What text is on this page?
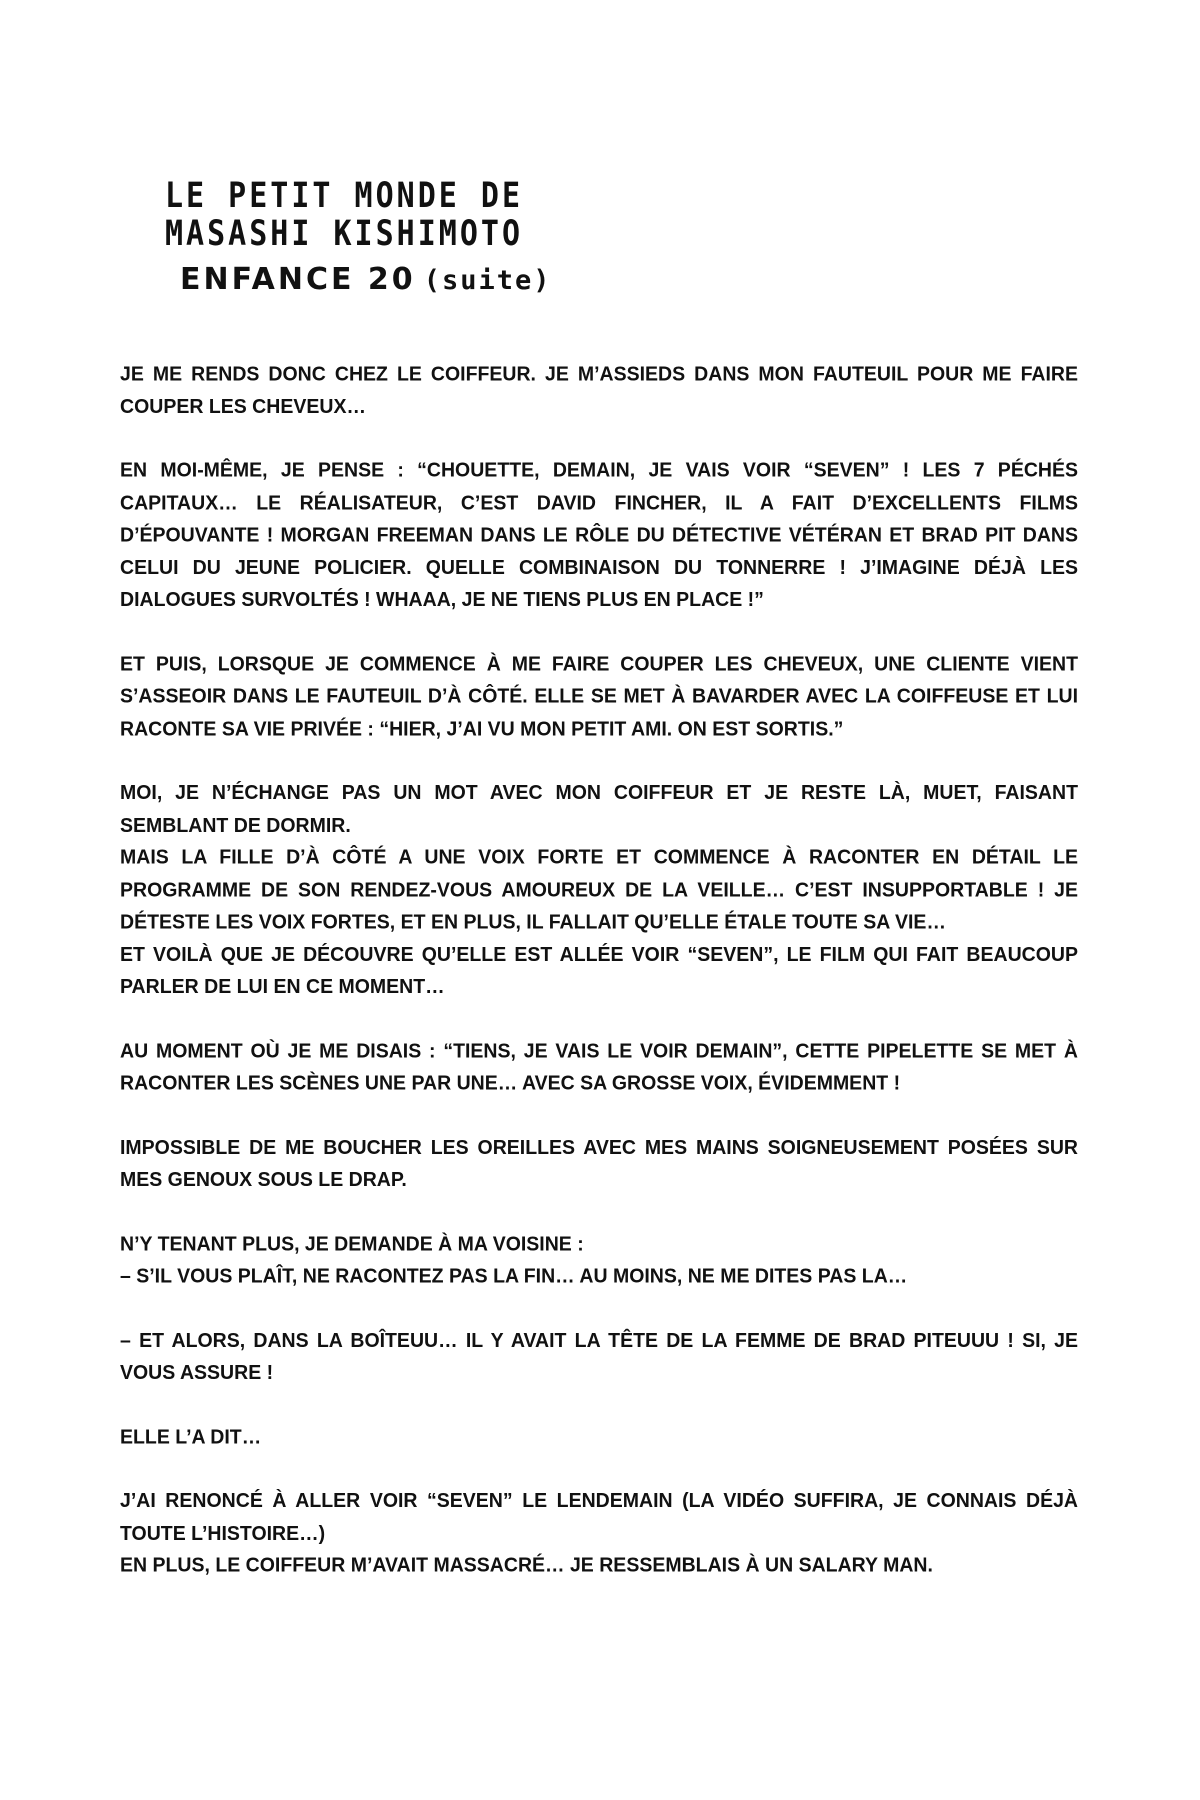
LE PETIT MONDE DE
MASASHI KISHIMOTO
ENFANCE 20 (suite)

JE ME RENDS DONC CHEZ LE COIFFEUR. JE M’ASSIEDS DANS MON FAUTEUIL POUR ME FAIRE COUPER LES CHEVEUX…

EN MOI-MÊME, JE PENSE : “CHOUETTE, DEMAIN, JE VAIS VOIR “SEVEN” ! LES 7 PÉCHÉS CAPITAUX… LE RÉALISATEUR, C’EST DAVID FINCHER, IL A FAIT D’EXCELLENTS FILMS D’ÉPOUVANTE ! MORGAN FREEMAN DANS LE RÔLE DU DÉTECTIVE VÉTÉRAN ET BRAD PIT DANS CELUI DU JEUNE POLICIER. QUELLE COMBINAISON DU TONNERRE ! J’IMAGINE DÉJÀ LES DIALOGUES SURVOLTÉS ! WHAAA, JE NE TIENS PLUS EN PLACE !”

ET PUIS, LORSQUE JE COMMENCE À ME FAIRE COUPER LES CHEVEUX, UNE CLIENTE VIENT S’ASSEOIR DANS LE FAUTEUIL D’À CÔTÉ. ELLE SE MET À BAVARDER AVEC LA COIFFEUSE ET LUI RACONTE SA VIE PRIVÉE : “HIER, J’AI VU MON PETIT AMI. ON EST SORTIS.”

MOI, JE N’ÉCHANGE PAS UN MOT AVEC MON COIFFEUR ET JE RESTE LÀ, MUET, FAISANT SEMBLANT DE DORMIR.

MAIS LA FILLE D’À CÔTÉ A UNE VOIX FORTE ET COMMENCE À RACONTER EN DÉTAIL LE PROGRAMME DE SON RENDEZ-VOUS AMOUREUX DE LA VEILLE… C’EST INSUPPORTABLE ! JE DÉTESTE LES VOIX FORTES, ET EN PLUS, IL FALLAIT QU’ELLE ÉTALE TOUTE SA VIE…

ET VOILÀ QUE JE DÉCOUVRE QU’ELLE EST ALLÉE VOIR “SEVEN”, LE FILM QUI FAIT BEAUCOUP PARLER DE LUI EN CE MOMENT…

AU MOMENT OÙ JE ME DISAIS : “TIENS, JE VAIS LE VOIR DEMAIN”, CETTE PIPELETTE SE MET À RACONTER LES SCÈNES UNE PAR UNE… AVEC SA GROSSE VOIX, ÉVIDEMMENT !

IMPOSSIBLE DE ME BOUCHER LES OREILLES AVEC MES MAINS SOIGNEUSEMENT POSÉES SUR MES GENOUX SOUS LE DRAP.

N’Y TENANT PLUS, JE DEMANDE À MA VOISINE :

– S’IL VOUS PLAÎT, NE RACONTEZ PAS LA FIN… AU MOINS, NE ME DITES PAS LA…

– ET ALORS, DANS LA BOÎTEUU… IL Y AVAIT LA TÊTE DE LA FEMME DE BRAD PITEUUU ! SI, JE VOUS ASSURE !

ELLE L’A DIT…

J’AI RENONCÉ À ALLER VOIR “SEVEN” LE LENDEMAIN (LA VIDÉO SUFFIRA, JE CONNAIS DÉJÀ TOUTE L’HISTOIRE…)

EN PLUS, LE COIFFEUR M’AVAIT MASSACRÉ… JE RESSEMBLAIS À UN SALARY MAN.
